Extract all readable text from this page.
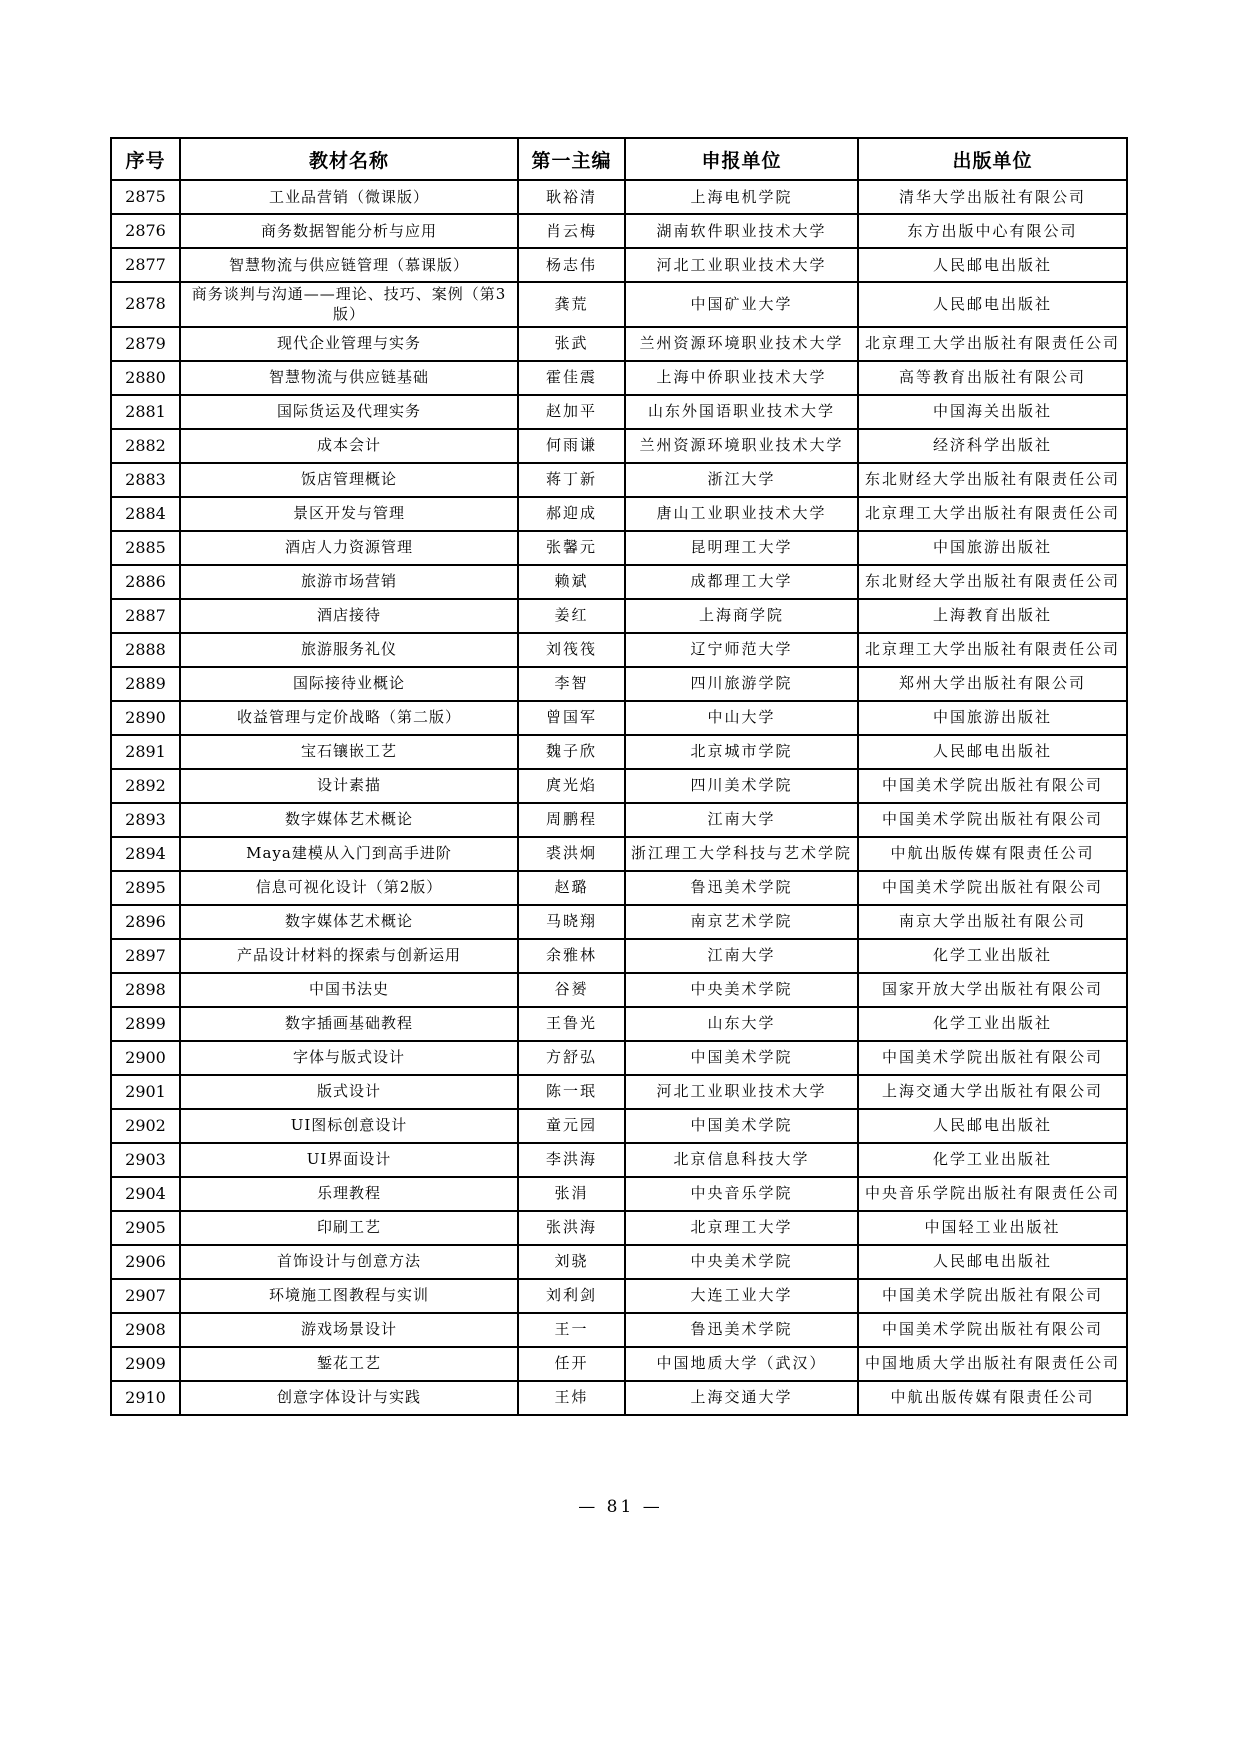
序号	教材名称	第一主编	申报单位	出版单位
2875	工业品营销（微课版）	耿裕清	上海电机学院	清华大学出版社有限公司
2876	商务数据智能分析与应用	肖云梅	湖南软件职业技术大学	东方出版中心有限公司
2877	智慧物流与供应链管理（慕课版）	杨志伟	河北工业职业技术大学	人民邮电出版社
2878	商务谈判与沟通——理论、技巧、案例（第3版）	龚荒	中国矿业大学	人民邮电出版社
2879	现代企业管理与实务	张武	兰州资源环境职业技术大学	北京理工大学出版社有限责任公司
2880	智慧物流与供应链基础	霍佳震	上海中侨职业技术大学	高等教育出版社有限公司
2881	国际货运及代理实务	赵加平	山东外国语职业技术大学	中国海关出版社
2882	成本会计	何雨谦	兰州资源环境职业技术大学	经济科学出版社
2883	饭店管理概论	蒋丁新	浙江大学	东北财经大学出版社有限责任公司
2884	景区开发与管理	郝迎成	唐山工业职业技术大学	北京理工大学出版社有限责任公司
2885	酒店人力资源管理	张馨元	昆明理工大学	中国旅游出版社
2886	旅游市场营销	赖斌	成都理工大学	东北财经大学出版社有限责任公司
2887	酒店接待	姜红	上海商学院	上海教育出版社
2888	旅游服务礼仪	刘筏筏	辽宁师范大学	北京理工大学出版社有限责任公司
2889	国际接待业概论	李智	四川旅游学院	郑州大学出版社有限公司
2890	收益管理与定价战略（第二版）	曾国军	中山大学	中国旅游出版社
2891	宝石镶嵌工艺	魏子欣	北京城市学院	人民邮电出版社
2892	设计素描	庹光焰	四川美术学院	中国美术学院出版社有限公司
2893	数字媒体艺术概论	周鹏程	江南大学	中国美术学院出版社有限公司
2894	Maya建模从入门到高手进阶	裘洪炯	浙江理工大学科技与艺术学院	中航出版传媒有限责任公司
2895	信息可视化设计（第2版）	赵璐	鲁迅美术学院	中国美术学院出版社有限公司
2896	数字媒体艺术概论	马晓翔	南京艺术学院	南京大学出版社有限公司
2897	产品设计材料的探索与创新运用	余雅林	江南大学	化学工业出版社
2898	中国书法史	谷赟	中央美术学院	国家开放大学出版社有限公司
2899	数字插画基础教程	王鲁光	山东大学	化学工业出版社
2900	字体与版式设计	方舒弘	中国美术学院	中国美术学院出版社有限公司
2901	版式设计	陈一珉	河北工业职业技术大学	上海交通大学出版社有限公司
2902	UI图标创意设计	童元园	中国美术学院	人民邮电出版社
2903	UI界面设计	李洪海	北京信息科技大学	化学工业出版社
2904	乐理教程	张涓	中央音乐学院	中央音乐学院出版社有限责任公司
2905	印刷工艺	张洪海	北京理工大学	中国轻工业出版社
2906	首饰设计与创意方法	刘骁	中央美术学院	人民邮电出版社
2907	环境施工图教程与实训	刘利剑	大连工业大学	中国美术学院出版社有限公司
2908	游戏场景设计	王一	鲁迅美术学院	中国美术学院出版社有限公司
2909	錾花工艺	任开	中国地质大学（武汉）	中国地质大学出版社有限责任公司
2910	创意字体设计与实践	王炜	上海交通大学	中航出版传媒有限责任公司
— 81 —
